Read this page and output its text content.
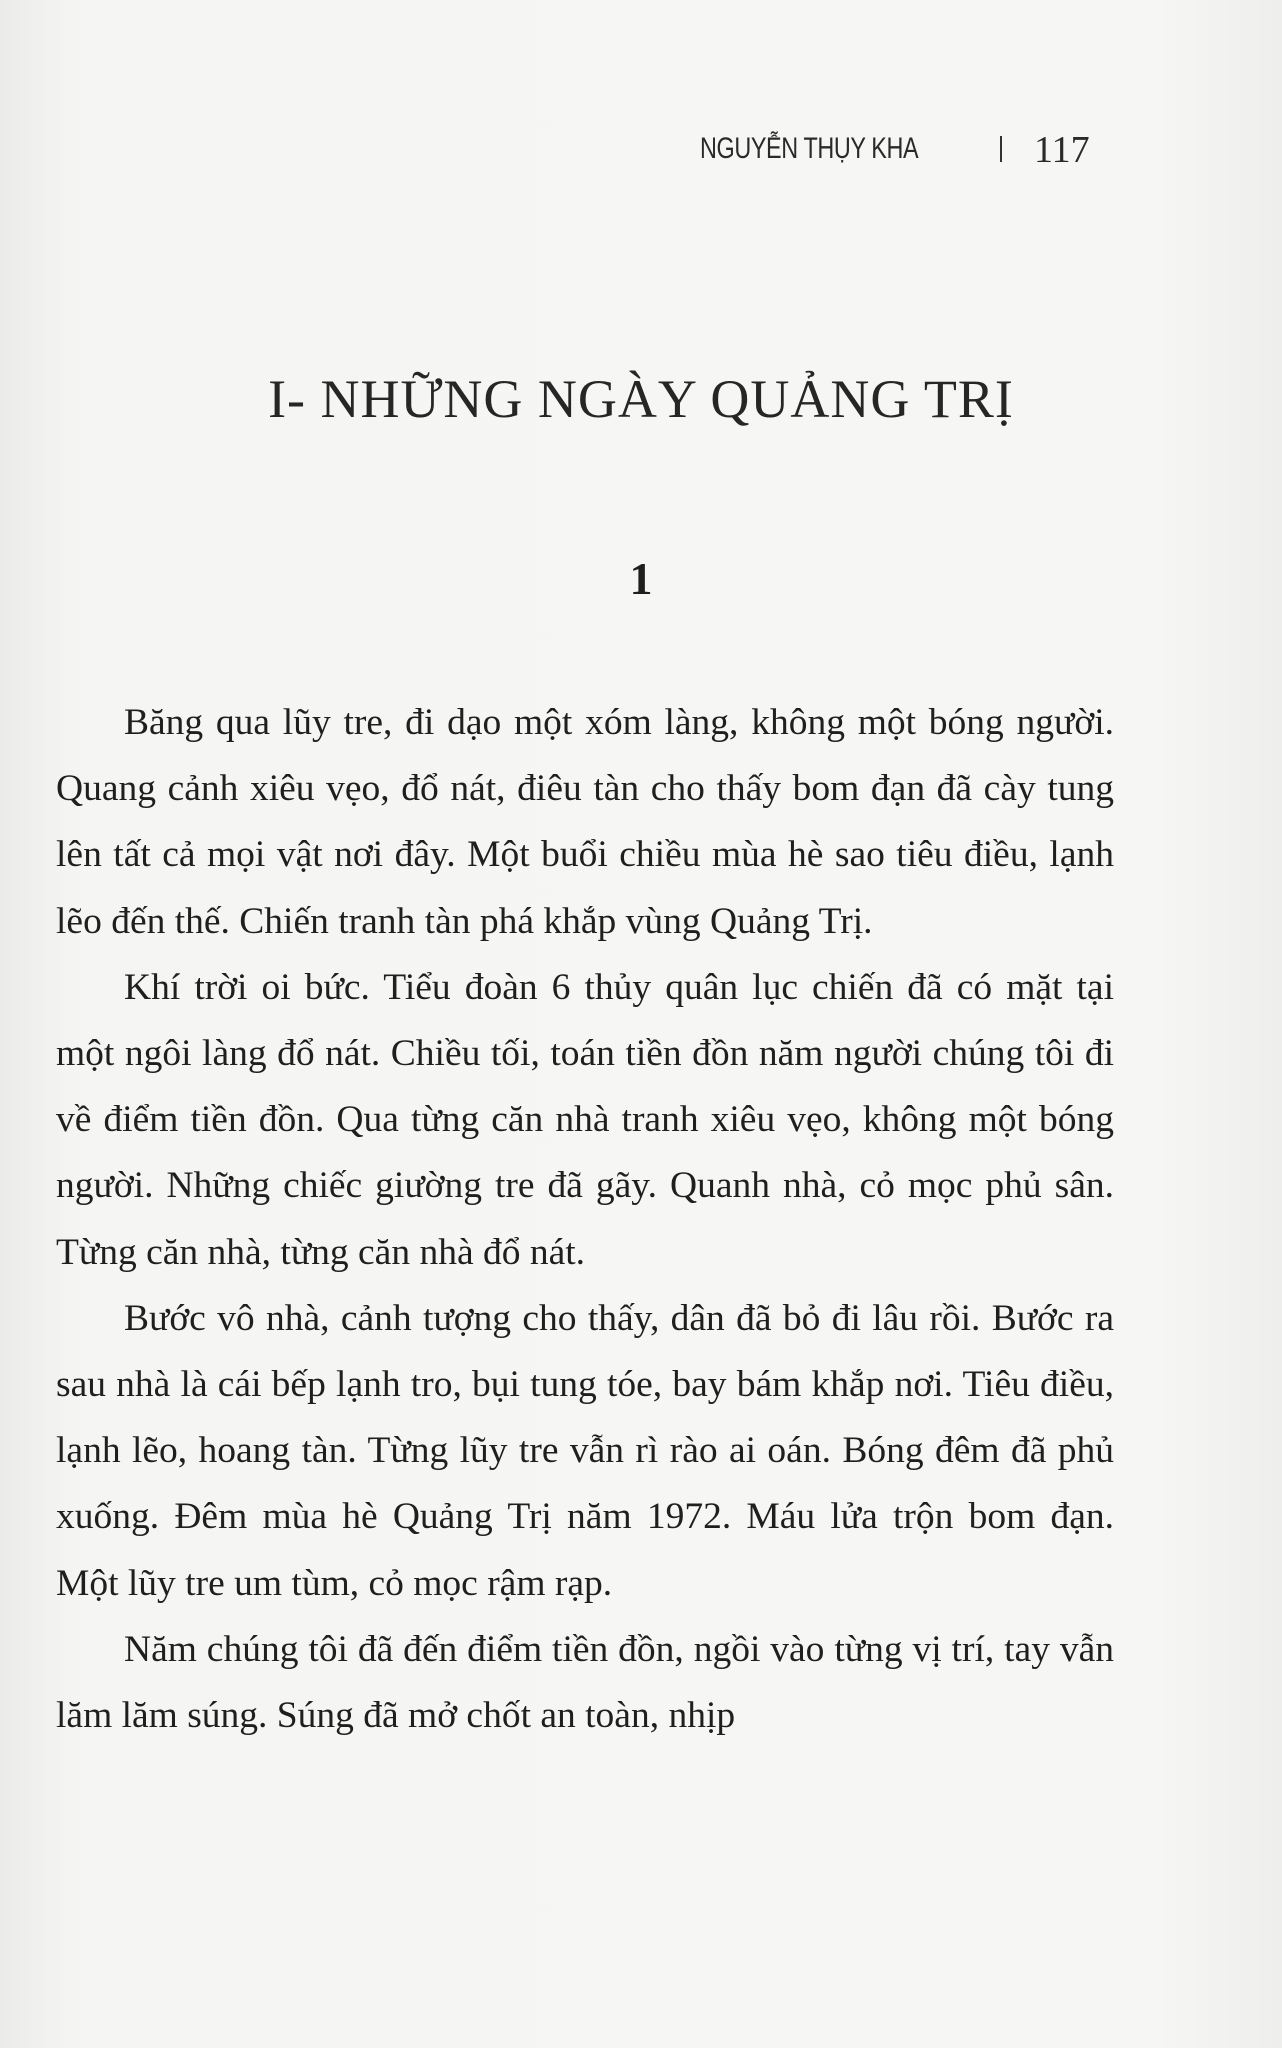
NGUYỄN THỤY KHA	117
I- NHỮNG NGÀY QUẢNG TRỊ
1

Băng qua lũy tre, đi dạo một xóm làng, không một bóng người. Quang cảnh xiêu vẹo, đổ nát, điêu tàn cho thấy bom đạn đã cày tung lên tất cả mọi vật nơi đây. Một buổi chiều mùa hè sao tiêu điều, lạnh lẽo đến thế. Chiến tranh tàn phá khắp vùng Quảng Trị.

Khí trời oi bức. Tiểu đoàn 6 thủy quân lục chiến đã có mặt tại một ngôi làng đổ nát. Chiều tối, toán tiền đồn năm người chúng tôi đi về điểm tiền đồn. Qua từng căn nhà tranh xiêu vẹo, không một bóng người. Những chiếc giường tre đã gãy. Quanh nhà, cỏ mọc phủ sân. Từng căn nhà, từng căn nhà đổ nát.

Bước vô nhà, cảnh tượng cho thấy, dân đã bỏ đi lâu rồi. Bước ra sau nhà là cái bếp lạnh tro, bụi tung tóe, bay bám khắp nơi. Tiêu điều, lạnh lẽo, hoang tàn. Từng lũy tre vẫn rì rào ai oán. Bóng đêm đã phủ xuống. Đêm mùa hè Quảng Trị năm 1972. Máu lửa trộn bom đạn. Một lũy tre um tùm, cỏ mọc rậm rạp.

Năm chúng tôi đã đến điểm tiền đồn, ngồi vào từng vị trí, tay vẫn lăm lăm súng. Súng đã mở chốt an toàn, nhịp
